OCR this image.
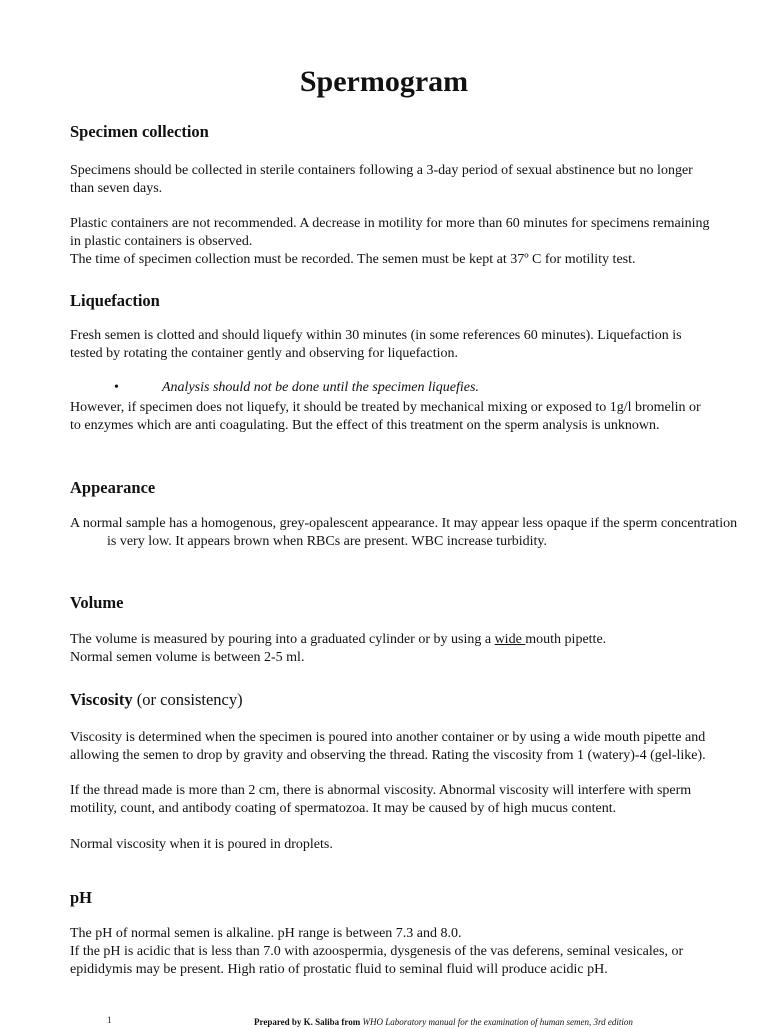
Spermogram
Specimen collection

Specimens should be collected in sterile containers following a 3-day period of sexual abstinence but no longer than seven days.

Plastic containers are not recommended. A decrease in motility for more than 60 minutes for specimens remaining in plastic containers is observed.

The time of specimen collection must be recorded. The semen must be kept at 37º C for motility test.

Liquefaction

Fresh semen is clotted and should liquefy within 30 minutes (in some references 60 minutes). Liquefaction is tested by rotating the container gently and observing for liquefaction.

•	Analysis should not be done until the specimen liquefies.

However, if specimen does not liquefy, it should be treated by mechanical mixing or exposed to 1g/l bromelin or to enzymes which are anti coagulating. But the effect of this treatment on the sperm analysis is unknown.

Appearance

A normal sample has a homogenous, grey-opalescent appearance. It may appear less opaque if the sperm concentration is very low. It appears brown when RBCs are present. WBC increase turbidity.

Volume

The volume is measured by pouring into a graduated cylinder or by using a wide mouth pipette.
Normal semen volume is between 2-5 ml.

Viscosity (or consistency)

Viscosity is determined when the specimen is poured into another container or by using a wide mouth pipette and allowing the semen to drop by gravity and observing the thread. Rating the viscosity from 1 (watery)-4 (gel-like).

If the thread made is more than 2 cm, there is abnormal viscosity. Abnormal viscosity will interfere with sperm motility, count, and antibody coating of spermatozoa. It may be caused by of high mucus content.

Normal viscosity when it is poured in droplets.

pH

The pH of normal semen is alkaline. pH range is between 7.3 and 8.0.

If the pH is acidic that is less than 7.0 with azoospermia, dysgenesis of the vas deferens, seminal vesicales, or epididymis may be present. High ratio of prostatic fluid to seminal fluid will produce acidic pH.

1	Prepared by K. Saliba from WHO Laboratory manual for the examination of human semen, 3rd edition
